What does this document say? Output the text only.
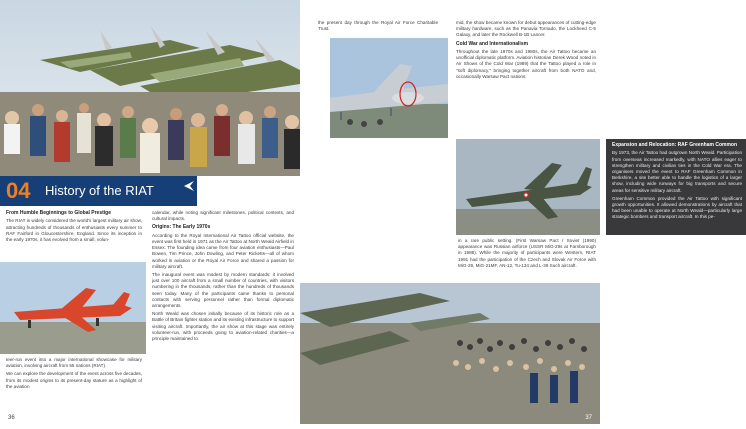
04 History of the RIAT

From Humble Beginnings to Global Prestige

The RIAT is widely considered the world's largest military air show, attracting hundreds of thousands of enthusiasts every summer to RAF Fairford in Gloucestershire, England. Since its inception in the early 1970s, it has evolved from a small, volun-

teer-run event into a major international showcase for military aviation, involving aircraft from 55 nations (RIAT).

We can explore the development of the event across five decades, from its modest origins to its present-day stature as a highlight of the aviation

calendar, while noting significant milestones, political contexts, and cultural impacts.

Origins: The Early 1970s

According to the Royal International Air Tattoo official website, the event was first held in 1971 as the Air Tattoo at North Weald Airfield in Essex. The founding idea came from four aviation enthusiasts—Paul Bowen, Tim Prince, John Dowling, and Peter Ricketts—all of whom worked in aviation or the Royal Air Force and shared a passion for military aircraft.

The inaugural event was modest by modern standards: it involved just over 100 aircraft from a small number of countries, with visitors numbering in the thousands, rather than the hundreds of thousands seen today. Many of the participants came thanks to personal contacts with serving personnel rather than formal diplomatic arrangements.

North Weald was chosen initially because of its historic role as a Battle of Britain fighter station and its existing infrastructure to support visiting aircraft. Importantly, the air show at this stage was entirely volunteer-run, with proceeds going to aviation-related charities—a principle maintained to

36

the present day through the Royal Air Force Charitable Trust.

mid, the show became known for debut appearances of cutting-edge military hardware, such as the Panavia Tornado, the Lockheed C-5 Galaxy, and later the Rockwell B-1B Lancer.

Cold War and Internationalism

Throughout the late 1970s and 1980s, the Air Tattoo became an unofficial diplomatic platform. Aviation historian Derek Wood noted in Air Shows of the Cold War (1989) that the Tattoo played a role in "soft diplomacy," bringing together aircraft from both NATO and, occasionally Warsaw Pact nations.

Expansion and Relocation: RAF Greenham Common

By 1973, the Air Tattoo had outgrown North Weald. Participation from overseas increased markedly, with NATO allies eager to strengthen military and civilian ties in the Cold War era. The organisers moved the event to RAF Greenham Common in Berkshire, a site better able to handle the logistics of a larger show, including wide runways for big transports and secure areas for sensitive military aircraft.

Greenham Common provided the Air Tattoo with significant growth opportunities. It allowed demonstrations by aircraft that had been unable to operate at North Weald—particularly large strategic bombers and transport aircraft. In this pe-

in a rare public setting. (First Warsaw Pact / Soviet (1990) appearance was Russian airforce (USSR MiG-29s at Farnborough in 1988). While the majority of participants were Western, RIAT 1991 had the participation of the Czech and Slovak Air Force with MiG-29, MiG-21MF, AN-12, Tu-134 and L-39 Such aircraft.

37
